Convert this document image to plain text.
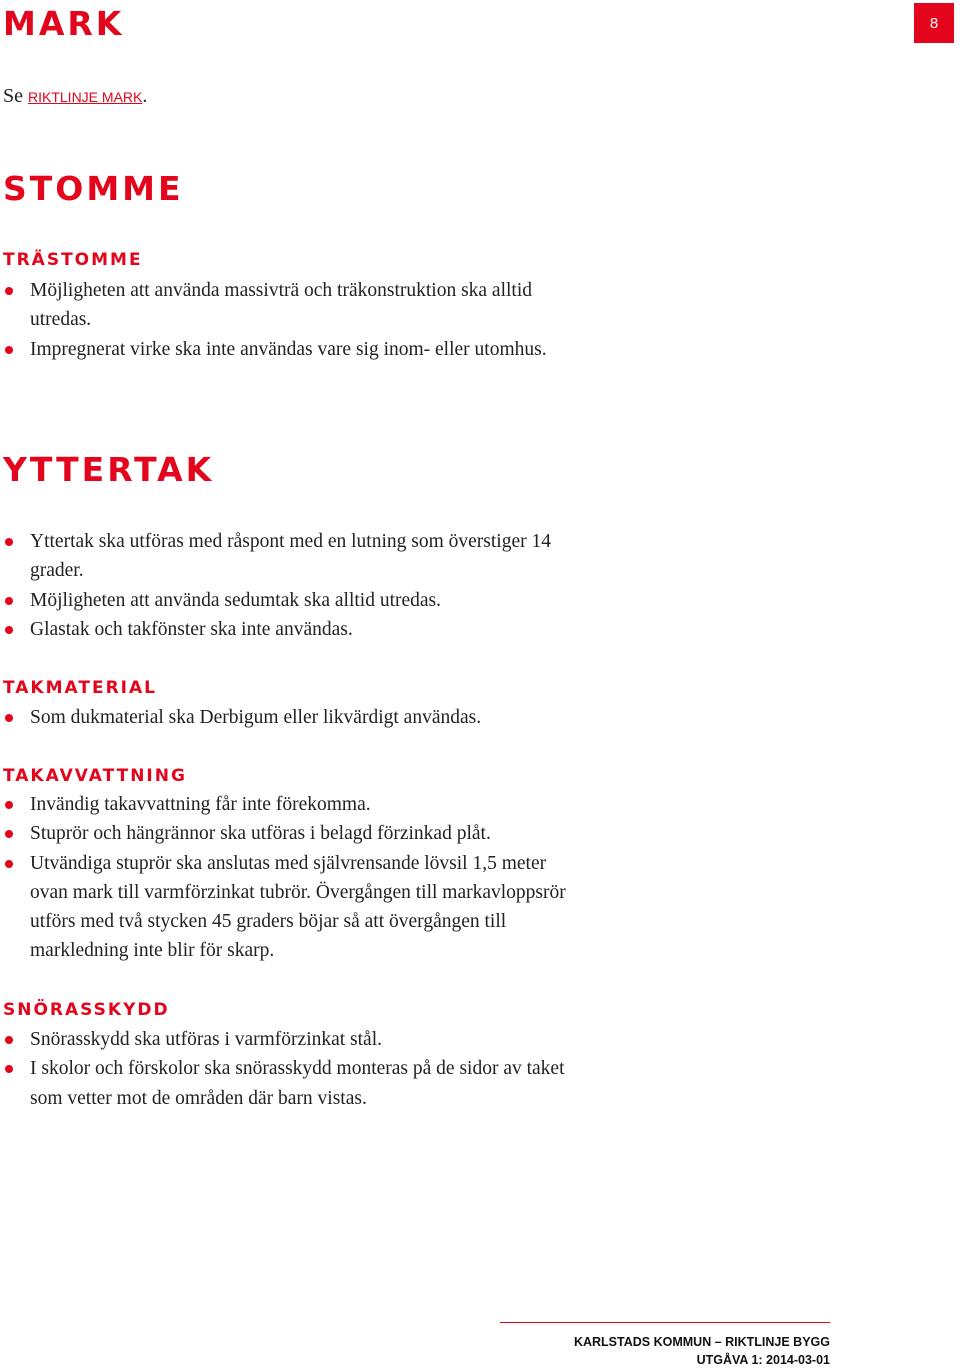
MARK	8
Se RIKTLINJE MARK.
STOMME
TRÄSTOMME
Möjligheten att använda massivträ och träkonstruktion ska alltid utredas.
Impregnerat virke ska inte användas vare sig inom- eller utomhus.
YTTERTAK
Yttertak ska utföras med råspont med en lutning som överstiger 14 grader.
Möjligheten att använda sedumtak ska alltid utredas.
Glastak och takfönster ska inte användas.
TAKMATERIAL
Som dukmaterial ska Derbigum eller likvärdigt användas.
TAKAVVATTNING
Invändig takavvattning får inte förekomma.
Stuprör och hängrännor ska utföras i belagd förzinkad plåt.
Utvändiga stuprör ska anslutas med självrensande lövsil 1,5 meter ovan mark till varmförzinkat tubrör. Övergången till markavloppsrör utförs med två stycken 45 graders böjar så att övergången till markledning inte blir för skarp.
SNÖRASSKYDD
Snörasskydd ska utföras i varmförzinkat stål.
I skolor och förskolor ska snörasskydd monteras på de sidor av taket som vetter mot de områden där barn vistas.
KARLSTADS KOMMUN – RIKTLINJE BYGG
UTGÅVA 1: 2014-03-01
